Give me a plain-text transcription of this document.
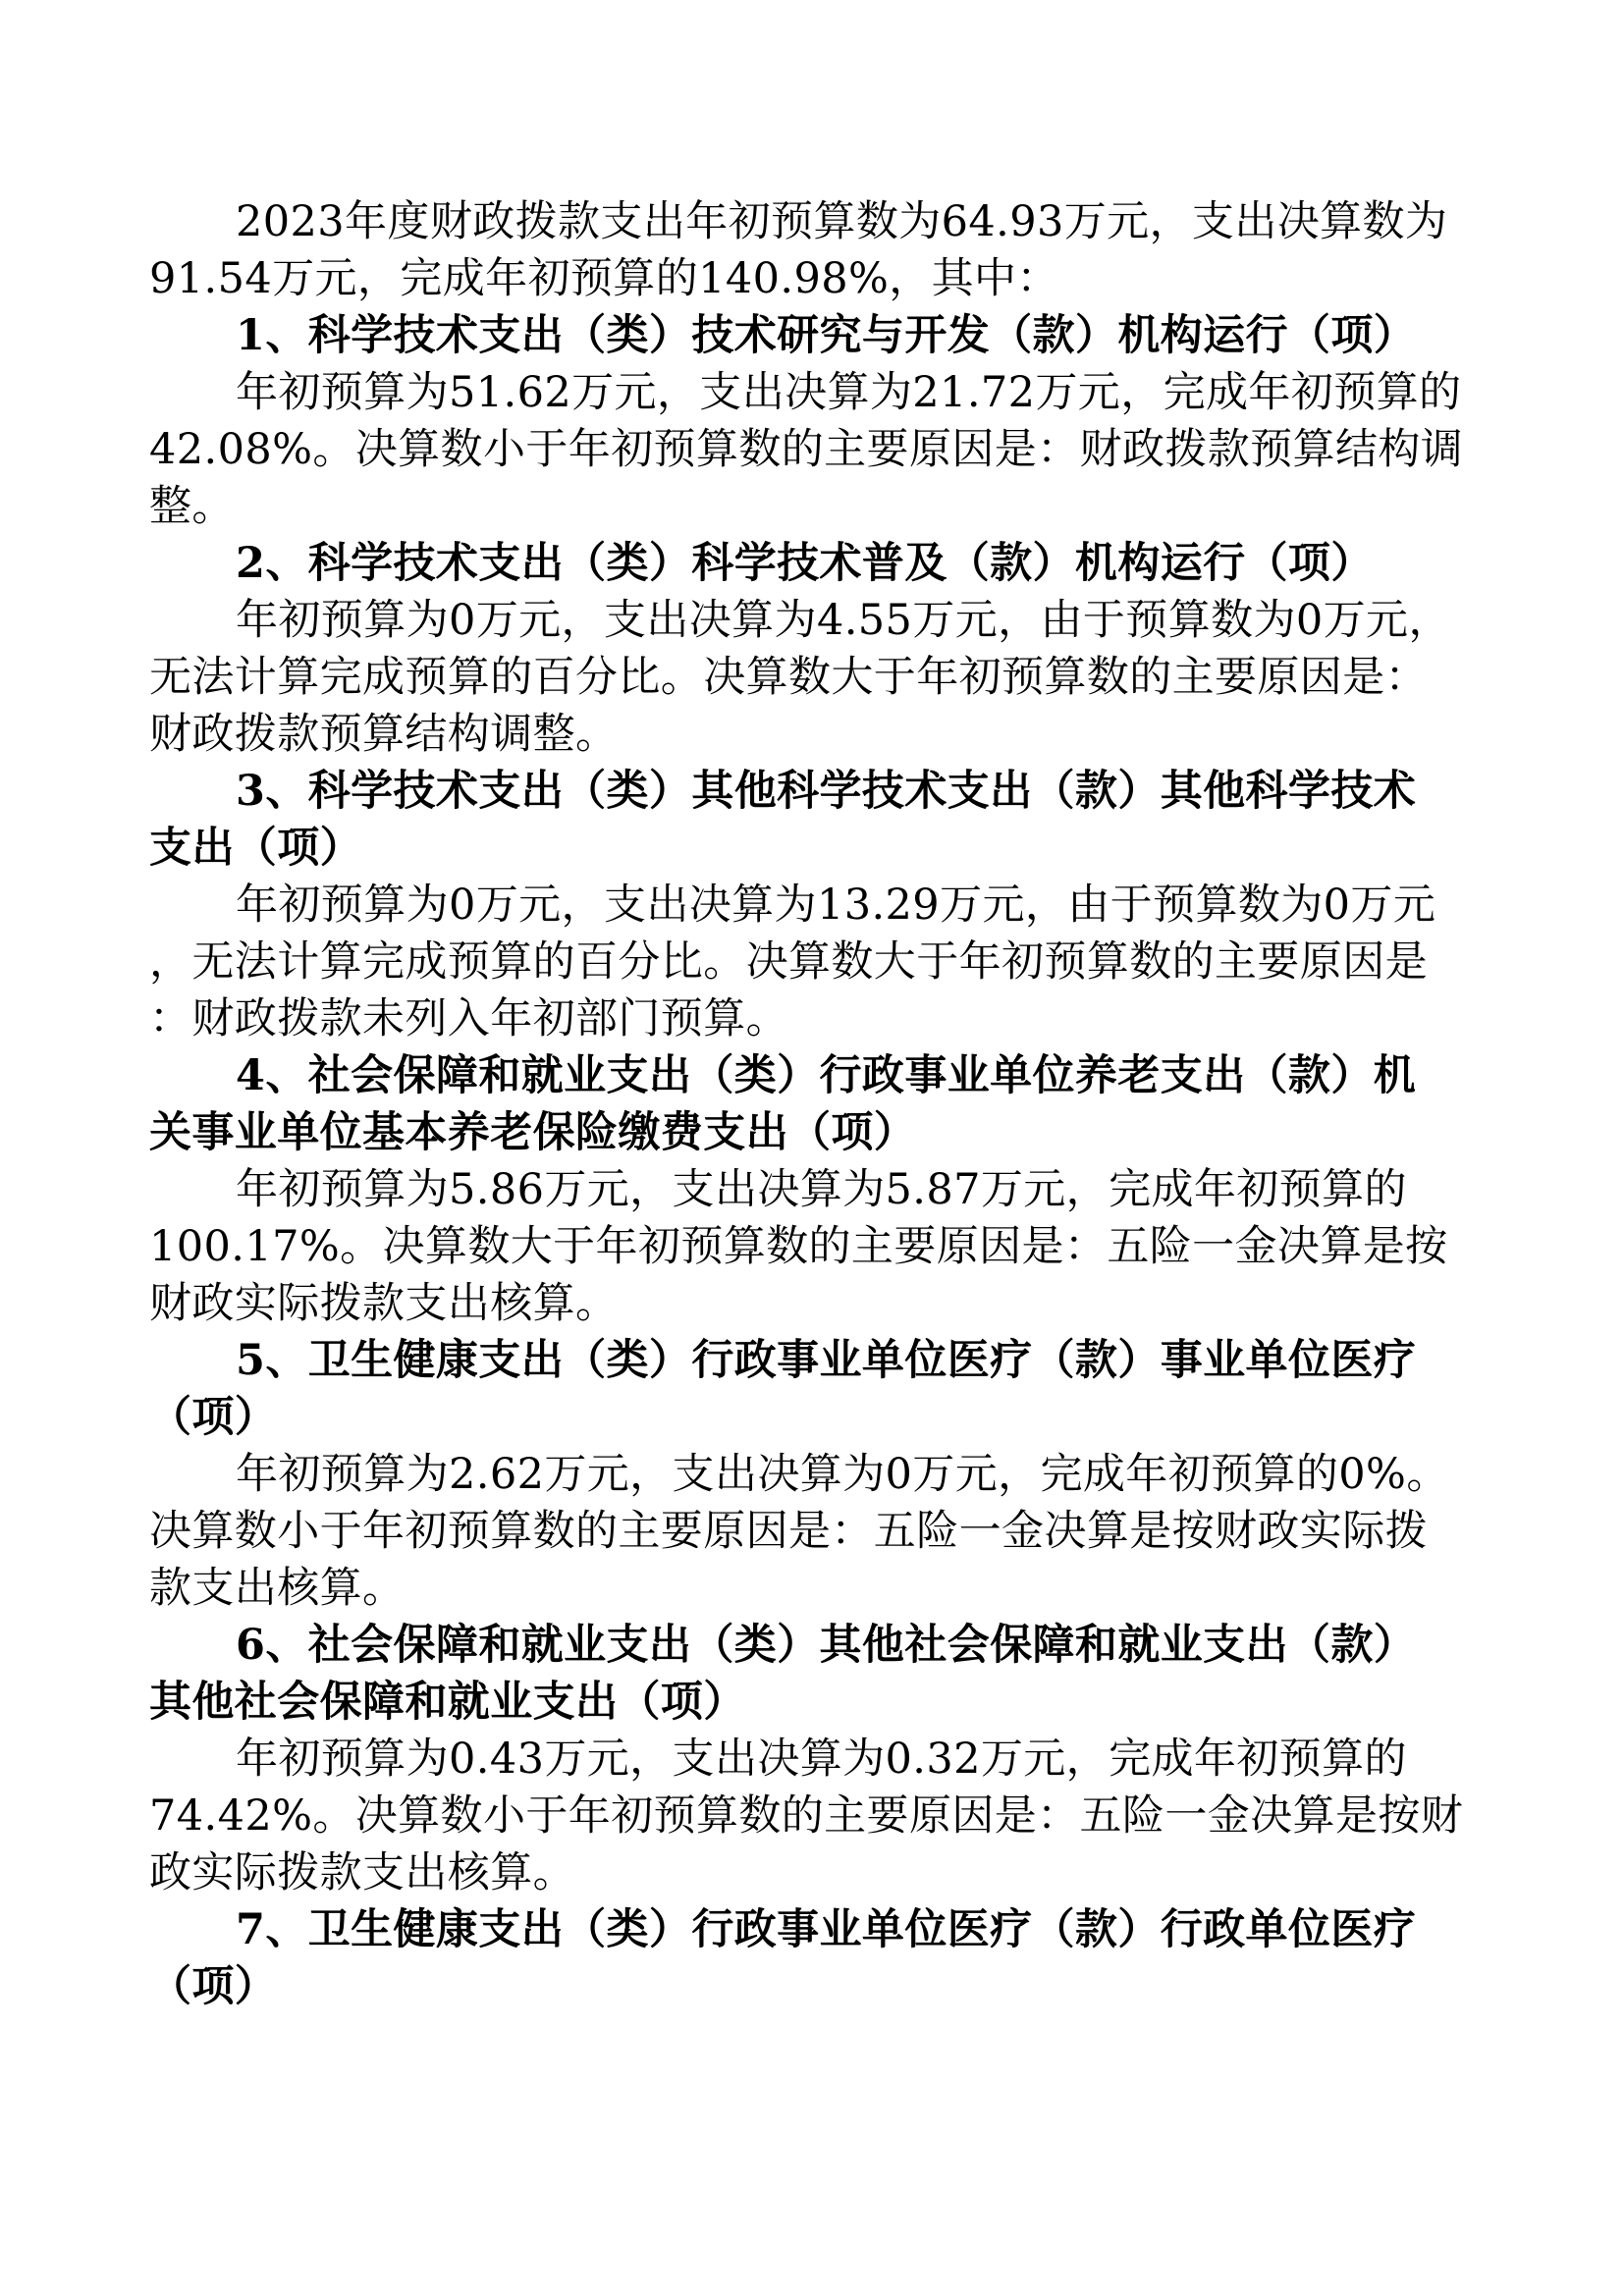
2023年度财政拨款支出年初预算数为64.93万元，支出决算数为
91.54万元，完成年初预算的140.98%，其中：
1、科学技术支出（类）技术研究与开发（款）机构运行（项）
年初预算为51.62万元，支出决算为21.72万元，完成年初预算的
42.08%。决算数小于年初预算数的主要原因是：财政拨款预算结构调
整。
2、科学技术支出（类）科学技术普及（款）机构运行（项）
年初预算为0万元，支出决算为4.55万元，由于预算数为0万元，
无法计算完成预算的百分比。决算数大于年初预算数的主要原因是：
财政拨款预算结构调整。
3、科学技术支出（类）其他科学技术支出（款）其他科学技术
支出（项）
年初预算为0万元，支出决算为13.29万元，由于预算数为0万元
，无法计算完成预算的百分比。决算数大于年初预算数的主要原因是
：财政拨款未列入年初部门预算。
4、社会保障和就业支出（类）行政事业单位养老支出（款）机
关事业单位基本养老保险缴费支出（项）
年初预算为5.86万元，支出决算为5.87万元，完成年初预算的
100.17%。决算数大于年初预算数的主要原因是：五险一金决算是按
财政实际拨款支出核算。
5、卫生健康支出（类）行政事业单位医疗（款）事业单位医疗
（项）
年初预算为2.62万元，支出决算为0万元，完成年初预算的0%。
决算数小于年初预算数的主要原因是：五险一金决算是按财政实际拨
款支出核算。
6、社会保障和就业支出（类）其他社会保障和就业支出（款）
其他社会保障和就业支出（项）
年初预算为0.43万元，支出决算为0.32万元，完成年初预算的
74.42%。决算数小于年初预算数的主要原因是：五险一金决算是按财
政实际拨款支出核算。
7、卫生健康支出（类）行政事业单位医疗（款）行政单位医疗
（项）
